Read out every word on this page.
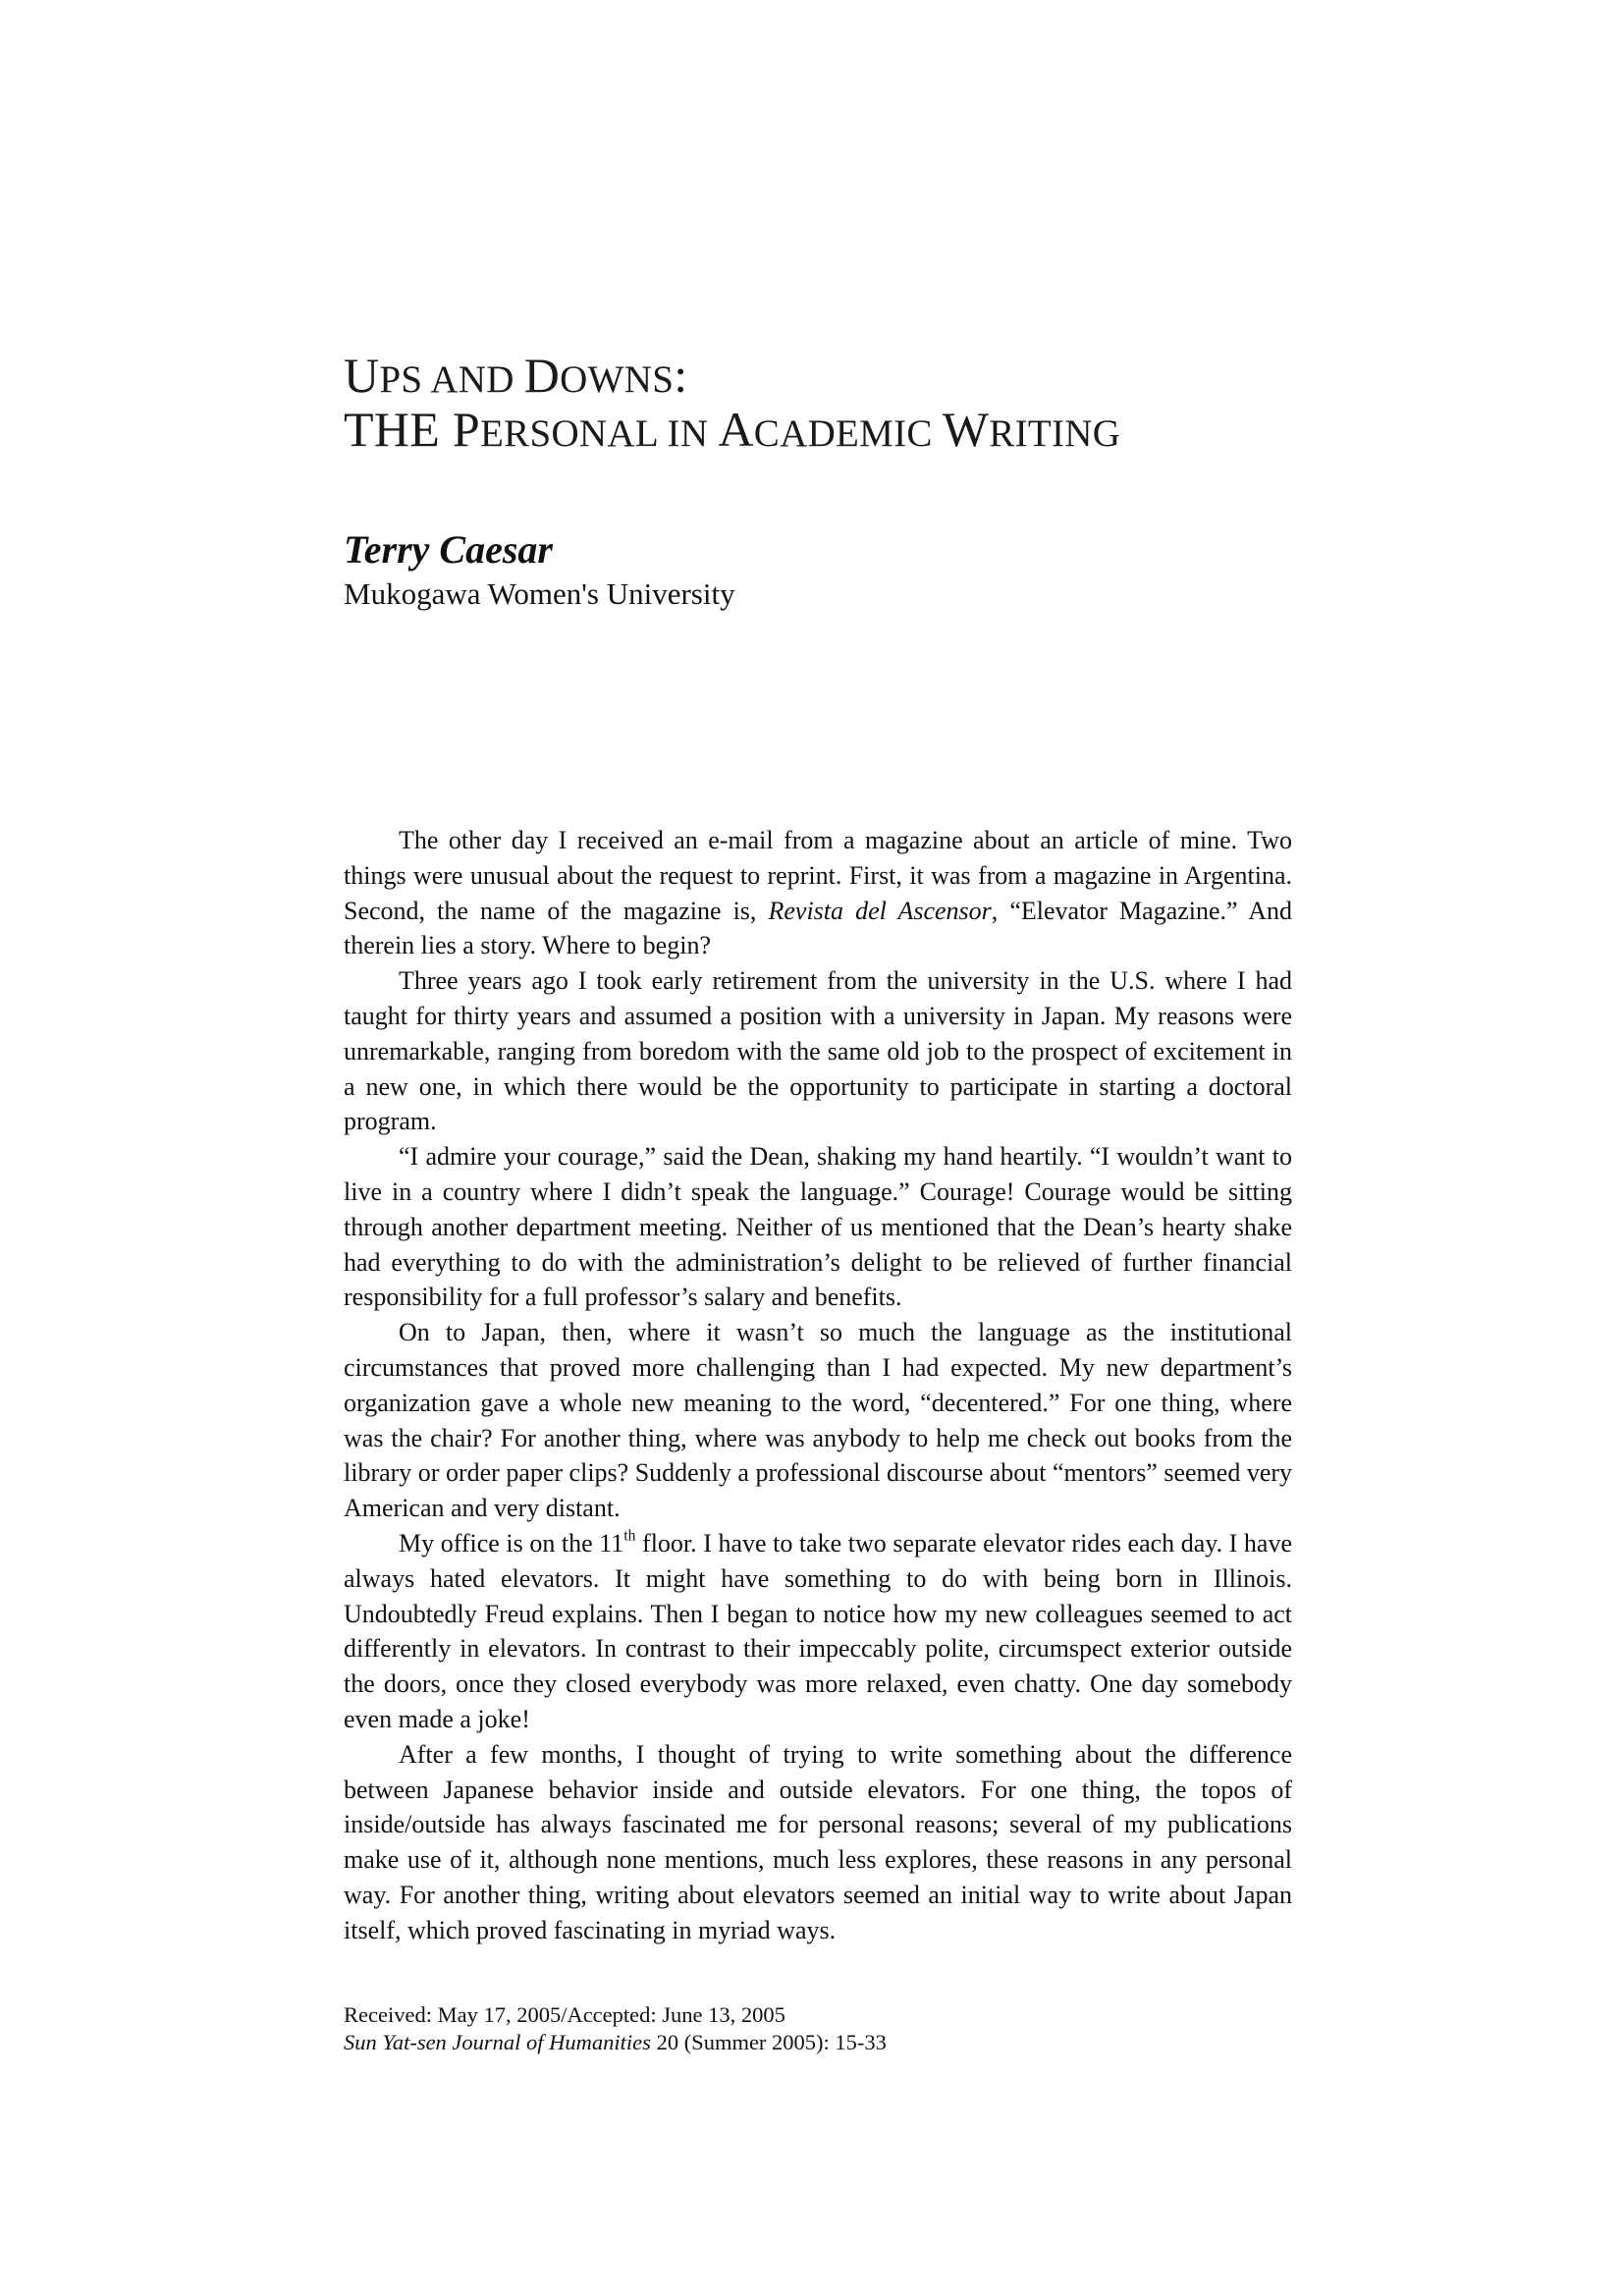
UPS AND DOWNS:
THE PERSONAL IN ACADEMIC WRITING
Terry Caesar
Mukogawa Women's University

The other day I received an e-mail from a magazine about an article of mine. Two things were unusual about the request to reprint. First, it was from a magazine in Argentina. Second, the name of the magazine is, Revista del Ascensor, “Elevator Magazine.” And therein lies a story. Where to begin?

Three years ago I took early retirement from the university in the U.S. where I had taught for thirty years and assumed a position with a university in Japan. My reasons were unremarkable, ranging from boredom with the same old job to the prospect of excitement in a new one, in which there would be the opportunity to participate in starting a doctoral program.

“I admire your courage,” said the Dean, shaking my hand heartily. “I wouldn’t want to live in a country where I didn’t speak the language.” Courage! Courage would be sitting through another department meeting. Neither of us mentioned that the Dean’s hearty shake had everything to do with the administration’s delight to be relieved of further financial responsibility for a full professor’s salary and benefits.

On to Japan, then, where it wasn’t so much the language as the institutional circumstances that proved more challenging than I had expected. My new department’s organization gave a whole new meaning to the word, “decentered.” For one thing, where was the chair? For another thing, where was anybody to help me check out books from the library or order paper clips? Suddenly a professional discourse about “mentors” seemed very American and very distant.

My office is on the 11th floor. I have to take two separate elevator rides each day. I have always hated elevators. It might have something to do with being born in Illinois. Undoubtedly Freud explains. Then I began to notice how my new colleagues seemed to act differently in elevators. In contrast to their impeccably polite, circumspect exterior outside the doors, once they closed everybody was more relaxed, even chatty. One day somebody even made a joke!

After a few months, I thought of trying to write something about the difference between Japanese behavior inside and outside elevators. For one thing, the topos of inside/outside has always fascinated me for personal reasons; several of my publications make use of it, although none mentions, much less explores, these reasons in any personal way. For another thing, writing about elevators seemed an initial way to write about Japan itself, which proved fascinating in myriad ways.

Received: May 17, 2005/Accepted: June 13, 2005
Sun Yat-sen Journal of Humanities 20 (Summer 2005): 15-33
